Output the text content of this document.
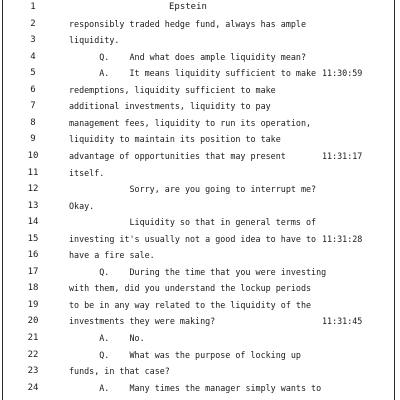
1	Epstein
2	responsibly traded hedge fund, always has ample
3	liquidity.
4	Q.    And what does ample liquidity mean?
5	A.    It means liquidity sufficient to make 11:30:59
6	redemptions, liquidity sufficient to make
7	additional investments, liquidity to pay
8	management fees, liquidity to run its operation,
9	liquidity to maintain its position to take
10	advantage of opportunities that may present	11:31:17
11	itself.
12	Sorry, are you going to interrupt me?
13	Okay.
14	Liquidity so that in general terms of
15	investing it's usually not a good idea to have to 11:31:28
16	have a fire sale.
17	Q.    During the time that you were investing
18	with them, did you understand the lockup periods
19	to be in any way related to the liquidity of the
20	investments they were making?	11:31:45
21	A.    No.
22	Q.    What was the purpose of locking up
23	funds, in that case?
24	A.    Many times the manager simply wants to
